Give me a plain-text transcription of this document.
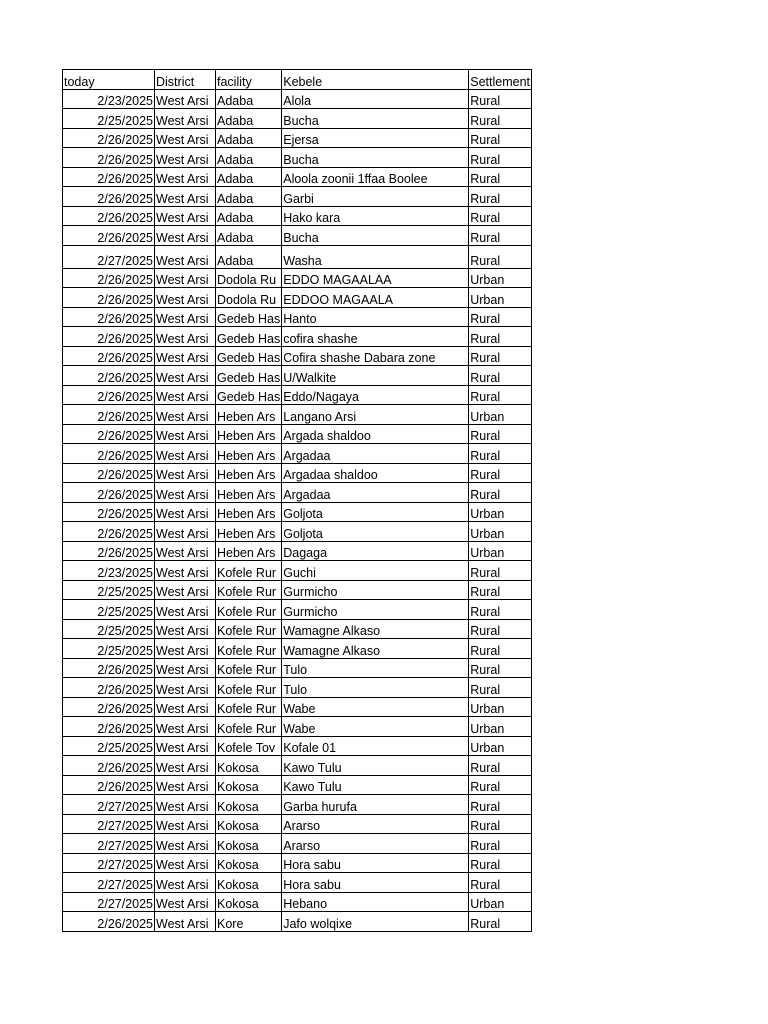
today	District	facility	Kebele	Settlement
2/23/2025	West Arsi	Adaba	Alola	Rural
2/25/2025	West Arsi	Adaba	Bucha	Rural
2/26/2025	West Arsi	Adaba	Ejersa	Rural
2/26/2025	West Arsi	Adaba	Bucha	Rural
2/26/2025	West Arsi	Adaba	Aloola zoonii 1ffaa Boolee	Rural
2/26/2025	West Arsi	Adaba	Garbi	Rural
2/26/2025	West Arsi	Adaba	Hako kara	Rural
2/26/2025	West Arsi	Adaba	Bucha	Rural
2/27/2025	West Arsi	Adaba	Washa	Rural
2/26/2025	West Arsi	Dodola Ru	EDDO MAGAALAA	Urban
2/26/2025	West Arsi	Dodola Ru	EDDOO MAGAALA	Urban
2/26/2025	West Arsi	Gedeb Has	Hanto	Rural
2/26/2025	West Arsi	Gedeb Has	cofira shashe	Rural
2/26/2025	West Arsi	Gedeb Has	Cofira shashe Dabara zone	Rural
2/26/2025	West Arsi	Gedeb Has	U/Walkite	Rural
2/26/2025	West Arsi	Gedeb Has	Eddo/Nagaya	Rural
2/26/2025	West Arsi	Heben Ars	Langano Arsi	Urban
2/26/2025	West Arsi	Heben Ars	Argada shaldoo	Rural
2/26/2025	West Arsi	Heben Ars	Argadaa	Rural
2/26/2025	West Arsi	Heben Ars	Argadaa shaldoo	Rural
2/26/2025	West Arsi	Heben Ars	Argadaa	Rural
2/26/2025	West Arsi	Heben Ars	Goljota	Urban
2/26/2025	West Arsi	Heben Ars	Goljota	Urban
2/26/2025	West Arsi	Heben Ars	Dagaga	Urban
2/23/2025	West Arsi	Kofele Rur	Guchi	Rural
2/25/2025	West Arsi	Kofele Rur	Gurmicho	Rural
2/25/2025	West Arsi	Kofele Rur	Gurmicho	Rural
2/25/2025	West Arsi	Kofele Rur	Wamagne Alkaso	Rural
2/25/2025	West Arsi	Kofele Rur	Wamagne Alkaso	Rural
2/26/2025	West Arsi	Kofele Rur	Tulo	Rural
2/26/2025	West Arsi	Kofele Rur	Tulo	Rural
2/26/2025	West Arsi	Kofele Rur	Wabe	Urban
2/26/2025	West Arsi	Kofele Rur	Wabe	Urban
2/25/2025	West Arsi	Kofele Tov	Kofale 01	Urban
2/26/2025	West Arsi	Kokosa	Kawo Tulu	Rural
2/26/2025	West Arsi	Kokosa	Kawo Tulu	Rural
2/27/2025	West Arsi	Kokosa	Garba hurufa	Rural
2/27/2025	West Arsi	Kokosa	Ararso	Rural
2/27/2025	West Arsi	Kokosa	Ararso	Rural
2/27/2025	West Arsi	Kokosa	Hora sabu	Rural
2/27/2025	West Arsi	Kokosa	Hora sabu	Rural
2/27/2025	West Arsi	Kokosa	Hebano	Urban
2/26/2025	West Arsi	Kore	Jafo wolqixe	Rural
